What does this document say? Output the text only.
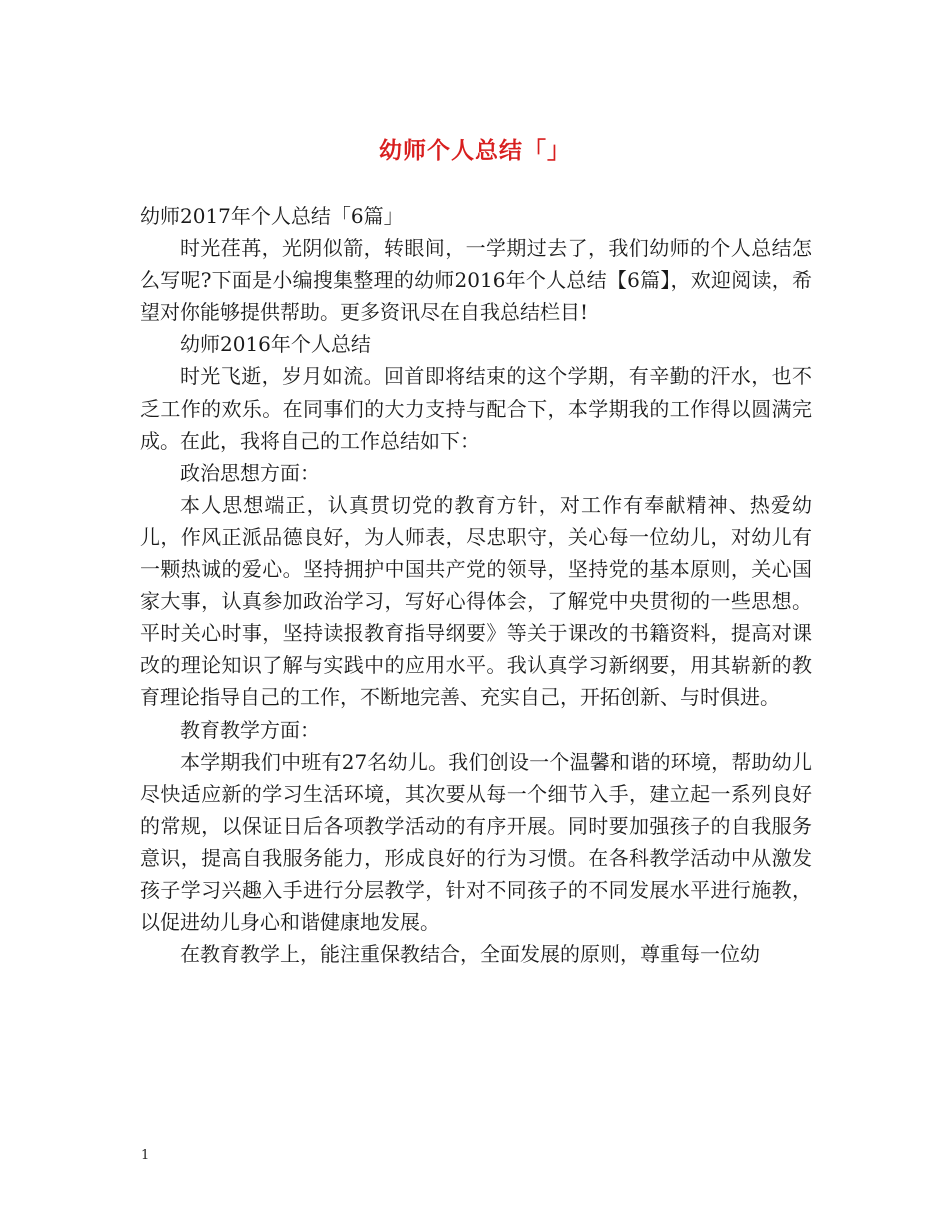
幼师个人总结「」

幼师2017年个人总结「6篇」

时光荏苒，光阴似箭，转眼间，一学期过去了，我们幼师的个人总结怎么写呢?下面是小编搜集整理的幼师2016年个人总结【6篇】，欢迎阅读，希望对你能够提供帮助。更多资讯尽在自我总结栏目!

幼师2016年个人总结

时光飞逝，岁月如流。回首即将结束的这个学期，有辛勤的汗水，也不乏工作的欢乐。在同事们的大力支持与配合下，本学期我的工作得以圆满完成。在此，我将自己的工作总结如下：

政治思想方面：

本人思想端正，认真贯切党的教育方针，对工作有奉献精神、热爱幼儿，作风正派品德良好，为人师表，尽忠职守，关心每一位幼儿，对幼儿有一颗热诚的爱心。坚持拥护中国共产党的领导，坚持党的基本原则，关心国家大事，认真参加政治学习，写好心得体会，了解党中央贯彻的一些思想。平时关心时事，坚持读报教育指导纲要》等关于课改的书籍资料，提高对课改的理论知识了解与实践中的应用水平。我认真学习新纲要，用其崭新的教育理论指导自己的工作，不断地完善、充实自己，开拓创新、与时俱进。

教育教学方面：

本学期我们中班有27名幼儿。我们创设一个温馨和谐的环境，帮助幼儿尽快适应新的学习生活环境，其次要从每一个细节入手，建立起一系列良好的常规，以保证日后各项教学活动的有序开展。同时要加强孩子的自我服务意识，提高自我服务能力，形成良好的行为习惯。在各科教学活动中从激发孩子学习兴趣入手进行分层教学，针对不同孩子的不同发展水平进行施教，以促进幼儿身心和谐健康地发展。

在教育教学上，能注重保教结合，全面发展的原则，尊重每一位幼

1
